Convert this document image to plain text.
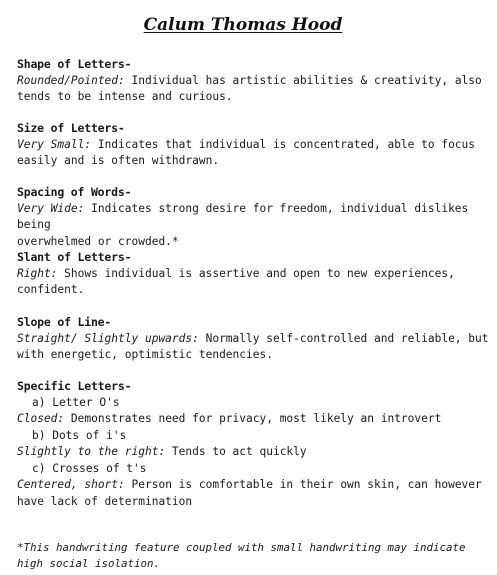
Calum Thomas Hood
Shape of Letters-
Rounded/Pointed: Individual has artistic abilities & creativity, also
tends to be intense and curious.
Size of Letters-
Very Small: Indicates that individual is concentrated, able to focus
easily and is often withdrawn.
Spacing of Words-
Very Wide: Indicates strong desire for freedom, individual dislikes being
overwhelmed or crowded.*
Slant of Letters-
Right: Shows individual is assertive and open to new experiences,
confident.
Slope of Line-
Straight/ Slightly upwards: Normally self-controlled and reliable, but
with energetic, optimistic tendencies.
Specific Letters-
a) Letter O's
Closed: Demonstrates need for privacy, most likely an introvert
b) Dots of i's
Slightly to the right: Tends to act quickly
c) Crosses of t's
Centered, short: Person is comfortable in their own skin, can however
have lack of determination
*This handwriting feature coupled with small handwriting may indicate
high social isolation.
